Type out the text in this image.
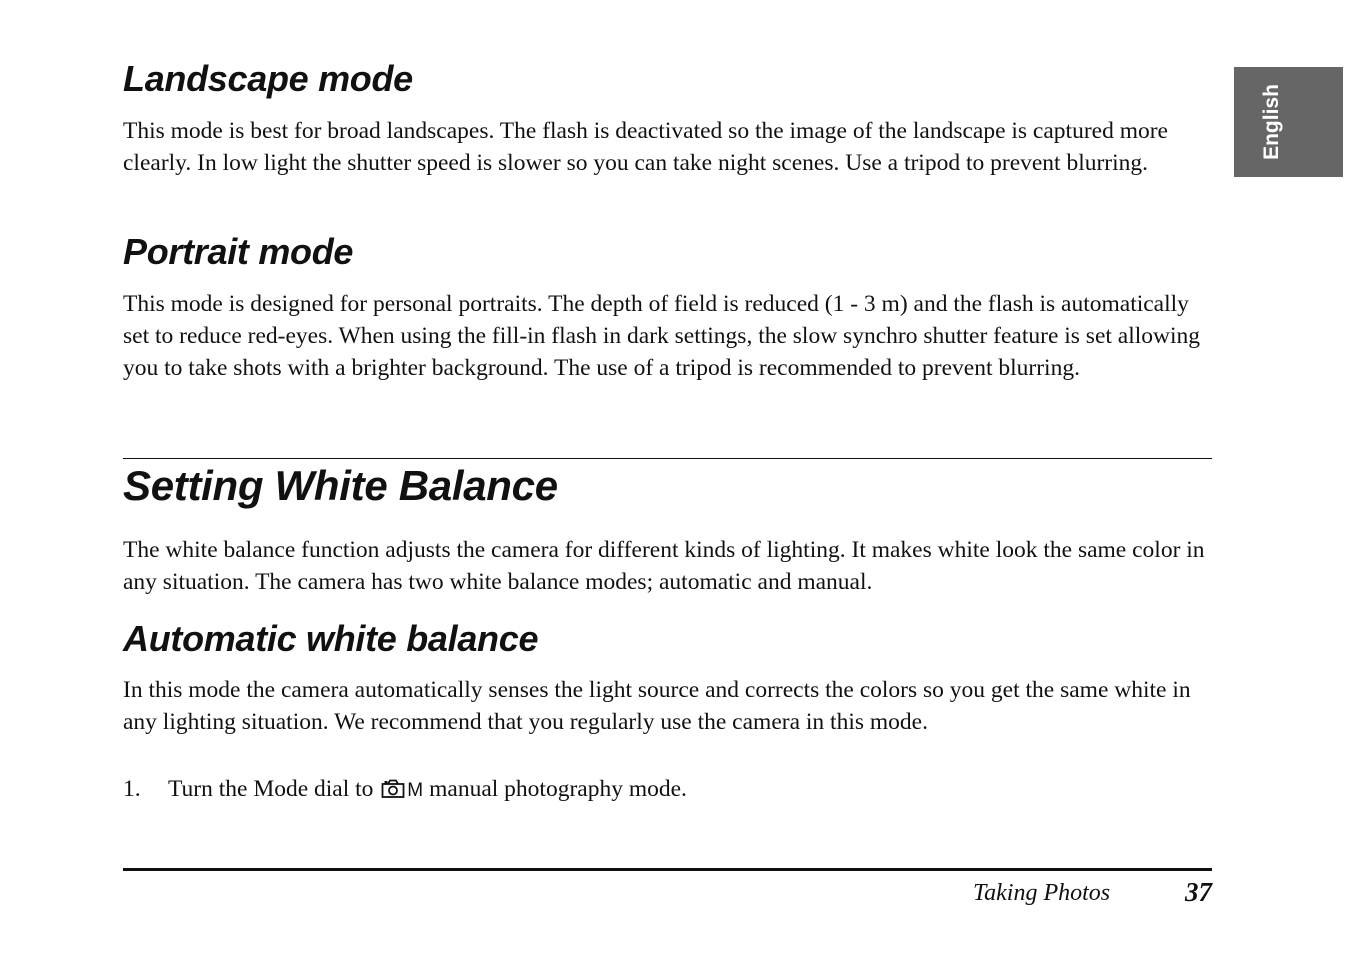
English
Landscape mode

This mode is best for broad landscapes. The flash is deactivated so the image of the landscape is captured more clearly. In low light the shutter speed is slower so you can take night scenes. Use a tripod to prevent blurring.

Portrait mode

This mode is designed for personal portraits. The depth of field is reduced (1 - 3 m) and the flash is automatically set to reduce red-eyes. When using the fill-in flash in dark settings, the slow synchro shutter feature is set allowing you to take shots with a brighter background. The use of a tripod is recommended to prevent blurring.

Setting White Balance

The white balance function adjusts the camera for different kinds of lighting. It makes white look the same color in any situation. The camera has two white balance modes; automatic and manual.

Automatic white balance

In this mode the camera automatically senses the light source and corrects the colors so you get the same white in any lighting situation. We recommend that you regularly use the camera in this mode.

1. Turn the Mode dial to M manual photography mode.
Taking Photos	37
